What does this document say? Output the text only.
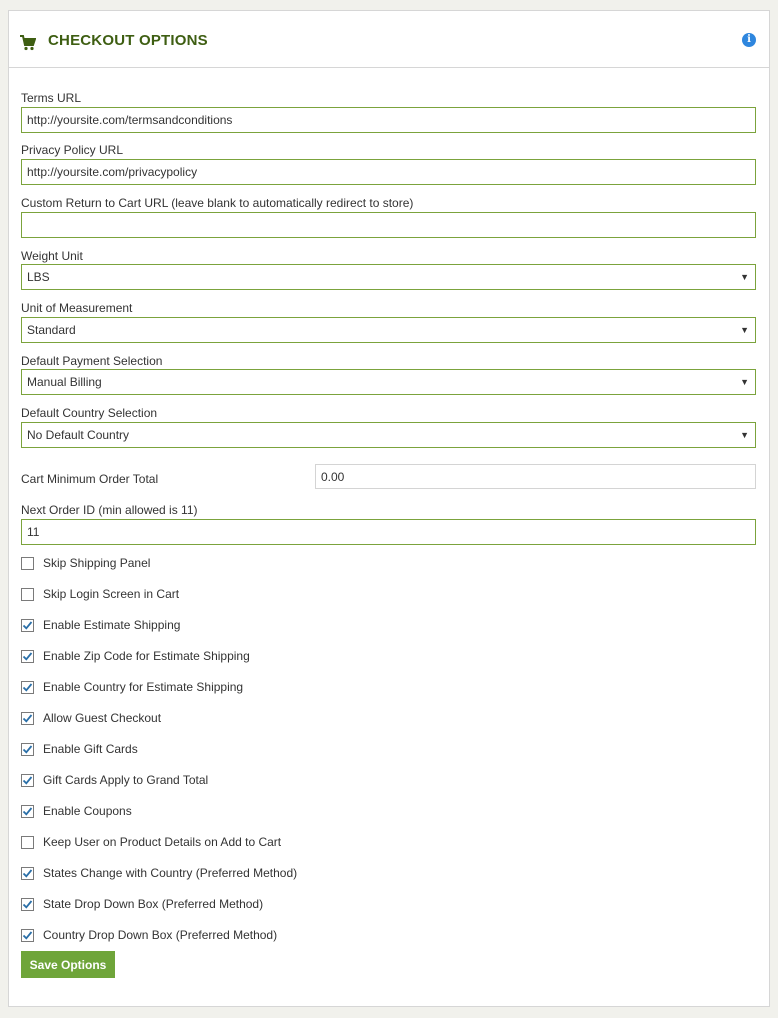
CHECKOUT OPTIONS	i
Terms URL
http://yoursite.com/termsandconditions
Privacy Policy URL
http://yoursite.com/privacypolicy
Custom Return to Cart URL (leave blank to automatically redirect to store)
Weight Unit
LBS	▼
Unit of Measurement
Standard	▼
Default Payment Selection
Manual Billing	▼
Default Country Selection
No Default Country	▼
Cart Minimum Order Total
0.00
Next Order ID (min allowed is 11)
11
Skip Shipping Panel
Skip Login Screen in Cart
Enable Estimate Shipping
Enable Zip Code for Estimate Shipping
Enable Country for Estimate Shipping
Allow Guest Checkout
Enable Gift Cards
Gift Cards Apply to Grand Total
Enable Coupons
Keep User on Product Details on Add to Cart
States Change with Country (Preferred Method)
State Drop Down Box (Preferred Method)
Country Drop Down Box (Preferred Method)
Save Options
